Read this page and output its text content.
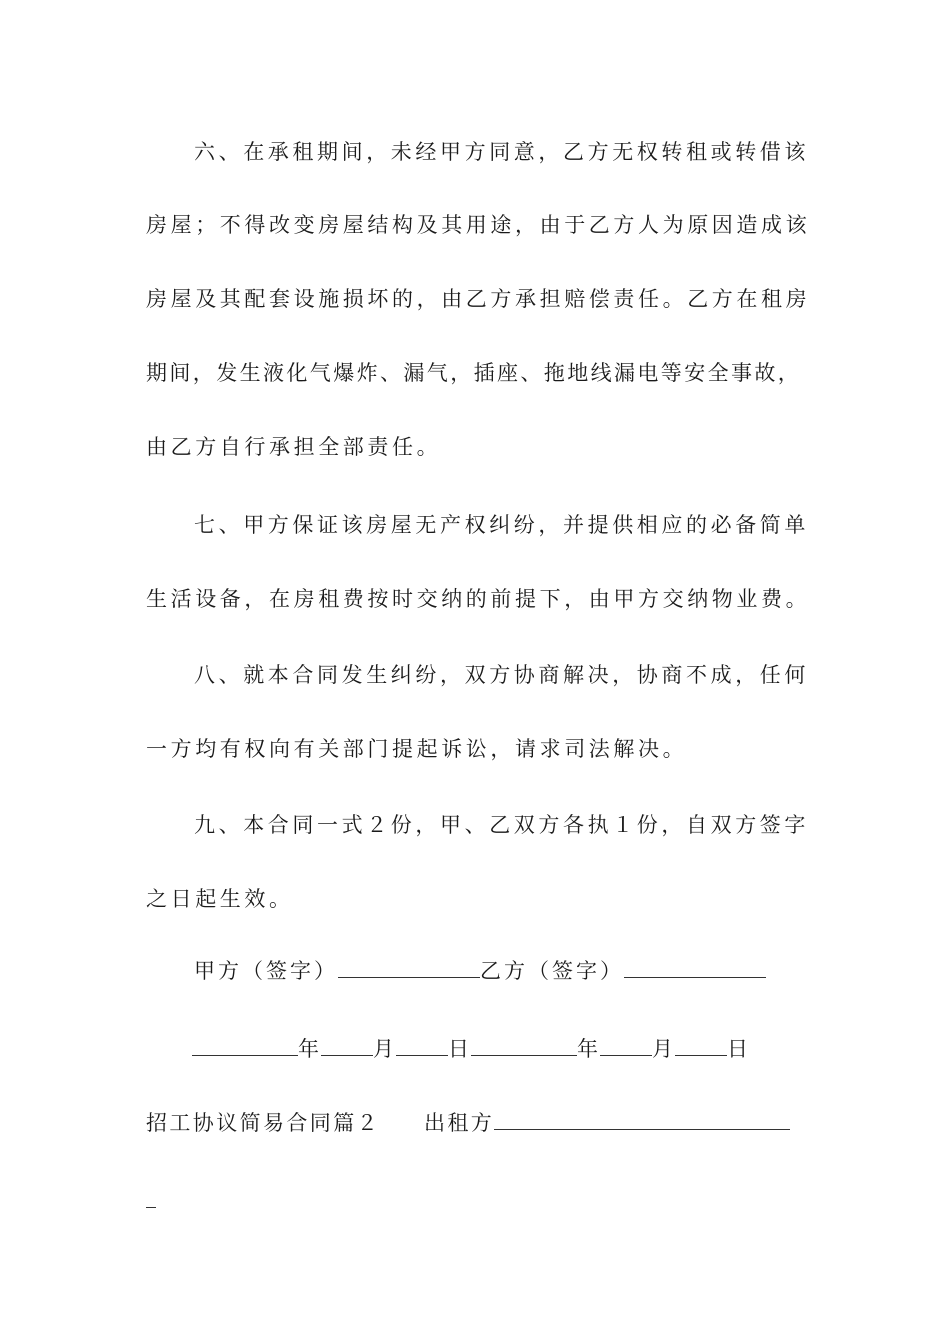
六、在承租期间，未经甲方同意，乙方无权转租或转借该
房屋；不得改变房屋结构及其用途，由于乙方人为原因造成该
房屋及其配套设施损坏的，由乙方承担赔偿责任。乙方在租房
期间，发生液化气爆炸、漏气，插座、拖地线漏电等安全事故，
由乙方自行承担全部责任。
七、甲方保证该房屋无产权纠纷，并提供相应的必备简单
生活设备，在房租费按时交纳的前提下，由甲方交纳物业费。
八、就本合同发生纠纷，双方协商解决，协商不成，任何
一方均有权向有关部门提起诉讼，请求司法解决。
九、本合同一式２份，甲、乙双方各执１份，自双方签字
之日起生效。
甲方（签字）	乙方（签字）
年 月 日	年 月 日
招工协议简易合同篇２ 出租方
